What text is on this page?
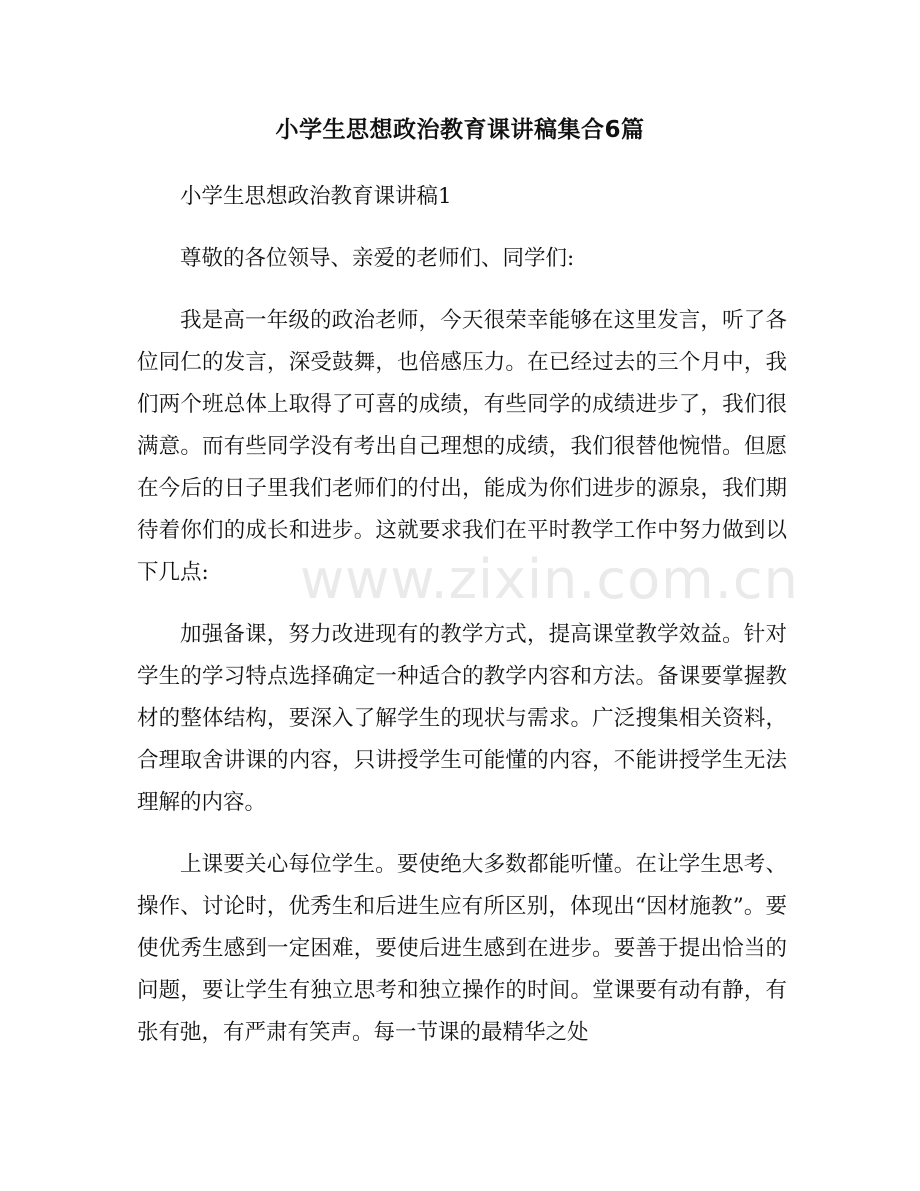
小学生思想政治教育课讲稿集合6篇

小学生思想政治教育课讲稿1

尊敬的各位领导、亲爱的老师们、同学们:

我是高一年级的政治老师，今天很荣幸能够在这里发言，听了各位同仁的发言，深受鼓舞，也倍感压力。在已经过去的三个月中，我们两个班总体上取得了可喜的成绩，有些同学的成绩进步了，我们很满意。而有些同学没有考出自己理想的成绩，我们很替他惋惜。但愿在今后的日子里我们老师们的付出，能成为你们进步的源泉，我们期待着你们的成长和进步。这就要求我们在平时教学工作中努力做到以下几点:

加强备课，努力改进现有的教学方式，提高课堂教学效益。针对学生的学习特点选择确定一种适合的教学内容和方法。备课要掌握教材的整体结构，要深入了解学生的现状与需求。广泛搜集相关资料，合理取舍讲课的内容，只讲授学生可能懂的内容，不能讲授学生无法理解的内容。

上课要关心每位学生。要使绝大多数都能听懂。在让学生思考、操作、讨论时，优秀生和后进生应有所区别，体现出“因材施教”。要使优秀生感到一定困难，要使后进生感到在进步。要善于提出恰当的问题，要让学生有独立思考和独立操作的时间。堂课要有动有静，有张有弛，有严肃有笑声。每一节课的最精华之处

www.zixin.com.cn
